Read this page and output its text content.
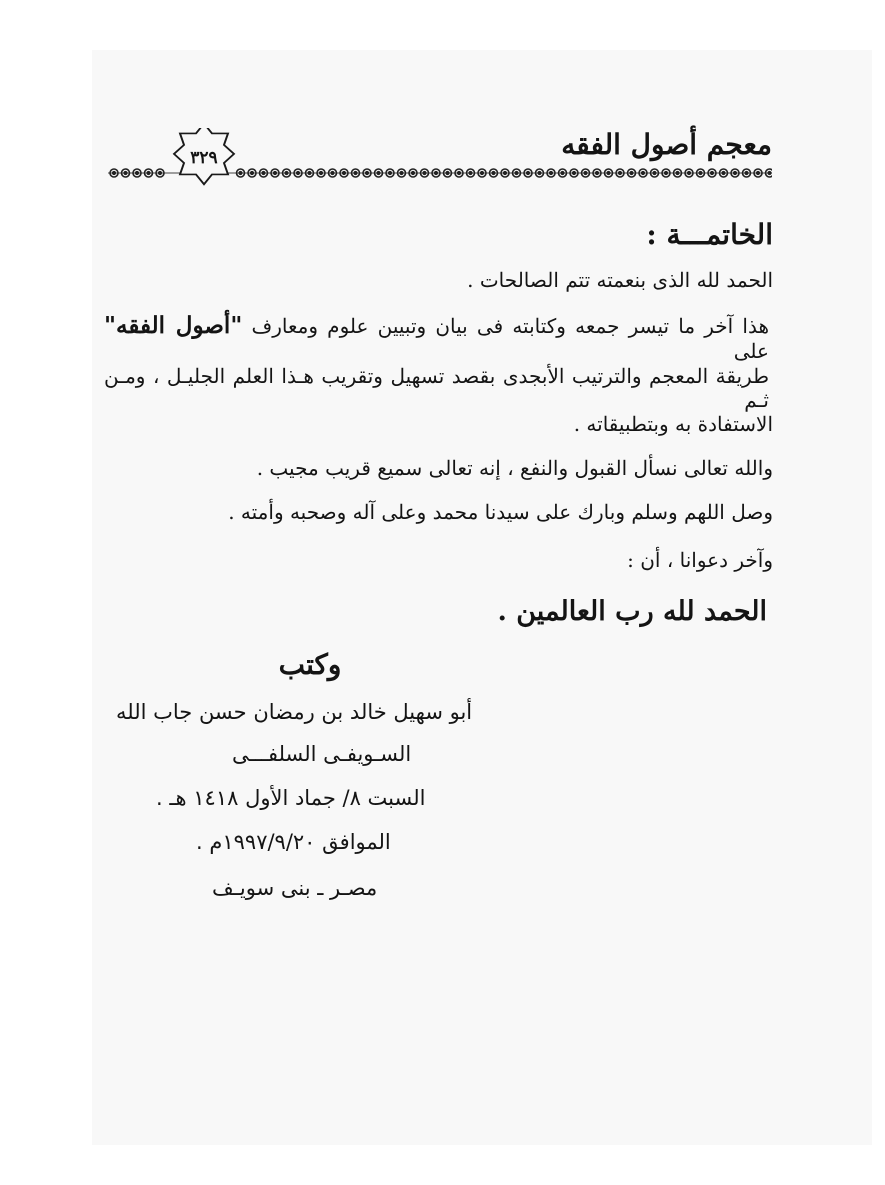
٣٢٩	معجم أصول الفقه
الخاتمـــة :
الحمد لله الذى بنعمته تتم الصالحات .
هذا آخر ما تيسر جمعه وكتابته فى بيان وتبيين علوم ومعارف "أصول الفقه" على
طريقة المعجم والترتيب الأبجدى بقصد تسهيل وتقريب هـذا العلم الجليـل ، ومـن ثـم
الاستفادة به وبتطبيقاته .
والله تعالى نسأل القبول والنفع ، إنه تعالى سميع قريب مجيب .
وصل اللهم وسلم وبارك على سيدنا محمد وعلى آله وصحبه وأمته .
وآخر دعوانا ، أن :
الحمد لله رب العالمين .
وكتب
أبو سهيل خالد بن رمضان حسن جاب الله
السـويفـى السلفـــى
السبت ٨/ جماد الأول ١٤١٨ هـ .
الموافق ١٩٩٧/٩/٢٠م .
مصـر ـ بنى سويـف
